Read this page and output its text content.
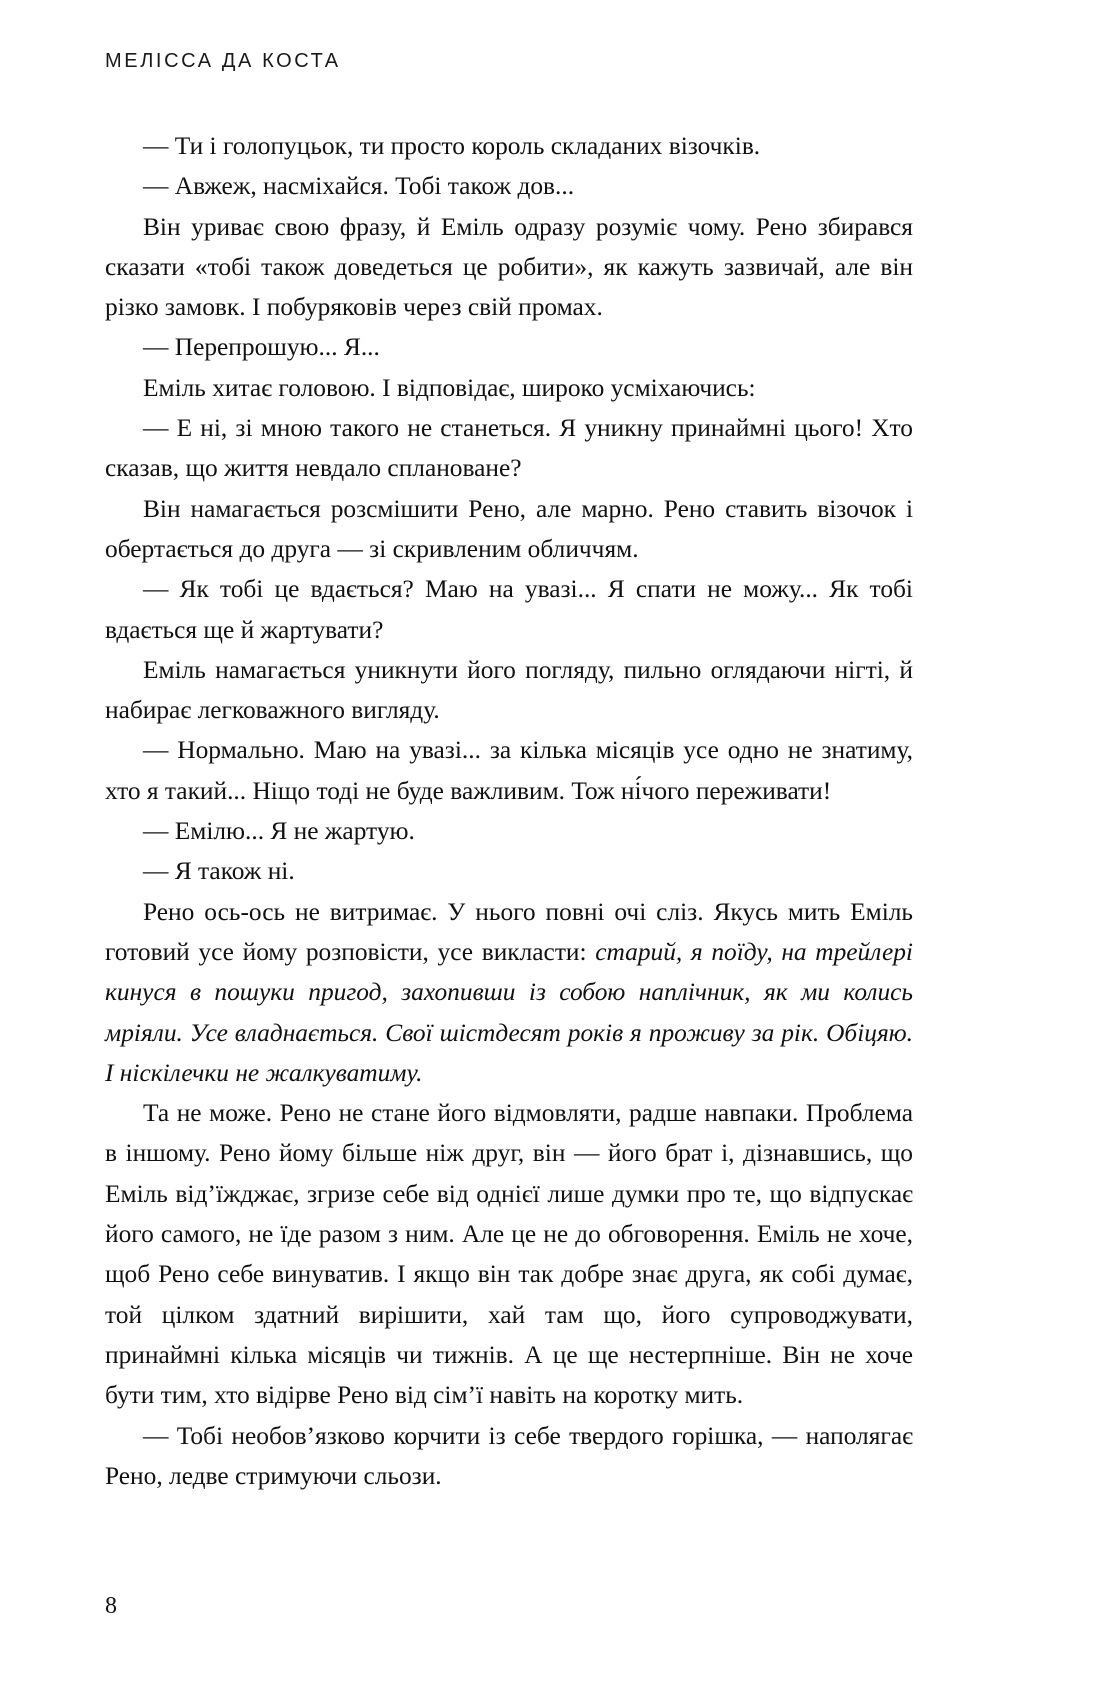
МЕЛІССА ДА КОСТА

— Ти і голопуцьок, ти просто король складаних візочків.

— Авжеж, насміхайся. Тобі також дов...

Він уриває свою фразу, й Еміль одразу розуміє чому. Рено збирався сказати «тобі також доведеться це робити», як кажуть зазвичай, але він різко замовк. І побуряковів через свій промах.

— Перепрошую... Я...

Еміль хитає головою. І відповідає, широко усміхаючись:

— Е ні, зі мною такого не станеться. Я уникну принаймні цього! Хто сказав, що життя невдало сплановане?

Він намагається розсмішити Рено, але марно. Рено ставить візочок і обертається до друга — зі скривленим обличчям.

— Як тобі це вдається? Маю на увазі... Я спати не можу... Як тобі вдається ще й жартувати?

Еміль намагається уникнути його погляду, пильно оглядаючи нігті, й набирає легковажного вигляду.

— Нормально. Маю на увазі... за кілька місяців усе одно не знатиму, хто я такий... Ніщо тоді не буде важливим. Тож ні́чого переживати!

— Емілю... Я не жартую.

— Я також ні.

Рено ось-ось не витримає. У нього повні очі сліз. Якусь мить Еміль готовий усе йому розповісти, усе викласти: старий, я поїду, на трейлері кинуся в пошуки пригод, захопивши із собою наплічник, як ми колись мріяли. Усе владнається. Свої шістдесят років я проживу за рік. Обіцяю. І ніскілечки не жалкуватиму.

Та не може. Рено не стане його відмовляти, радше навпаки. Проблема в іншому. Рено йому більше ніж друг, він — його брат і, дізнавшись, що Еміль від’їжджає, згризе себе від однієї лише думки про те, що відпускає його самого, не їде разом з ним. Але це не до обговорення. Еміль не хоче, щоб Рено себе винуватив. І якщо він так добре знає друга, як собі думає, той цілком здатний вирішити, хай там що, його супроводжувати, принаймні кілька місяців чи тижнів. А це ще нестерпніше. Він не хоче бути тим, хто відірве Рено від сім’ї навіть на коротку мить.

— Тобі необов’язково корчити із себе твердого горішка, — наполягає Рено, ледве стримуючи сльози.

8
